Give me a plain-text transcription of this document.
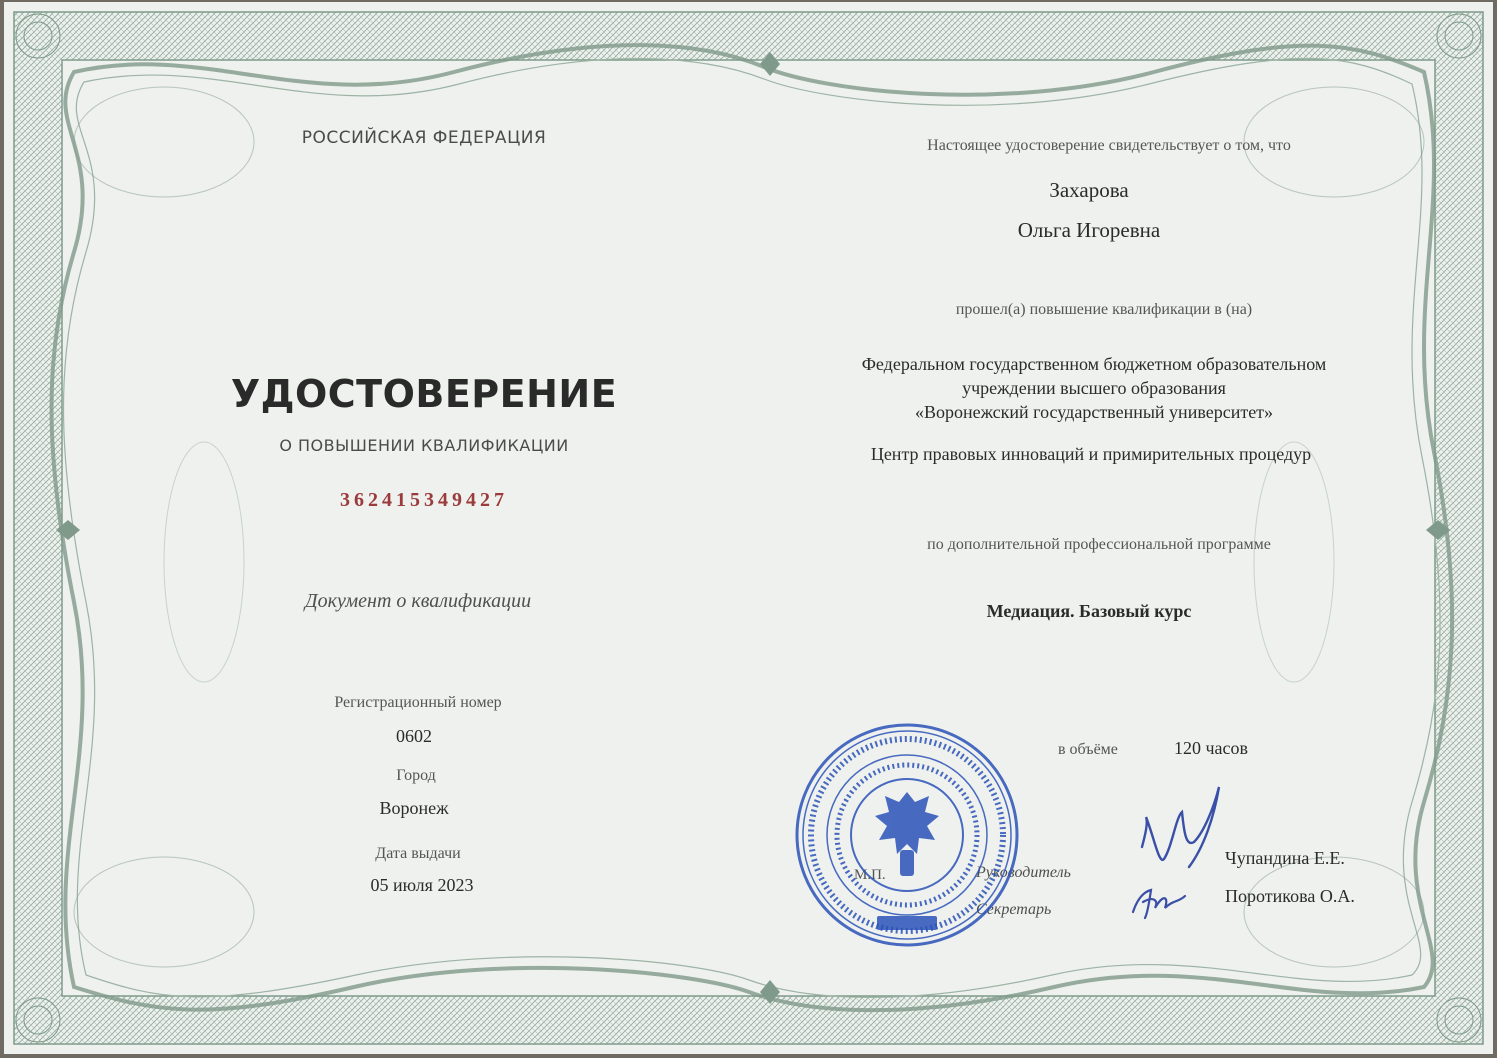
РОССИЙСКАЯ ФЕДЕРАЦИЯ
УДОСТОВЕРЕНИЕ
О ПОВЫШЕНИИ КВАЛИФИКАЦИИ
362415349427
Документ о квалификации
Регистрационный номер
0602
Город
Воронеж
Дата выдачи
05 июля 2023
Настоящее удостоверение свидетельствует о том, что
Захарова
Ольга Игоревна
прошел(а) повышение квалификации в (на)
Федеральном государственном бюджетном образовательном
учреждении высшего образования
«Воронежский государственный университет»
Центр правовых инноваций и примирительных процедур
по дополнительной профессиональной программе
Медиация. Базовый курс
в объёме	120 часов
М.П.	Руководитель
Секретарь
Чупандина Е.Е.
Поротикова О.А.
